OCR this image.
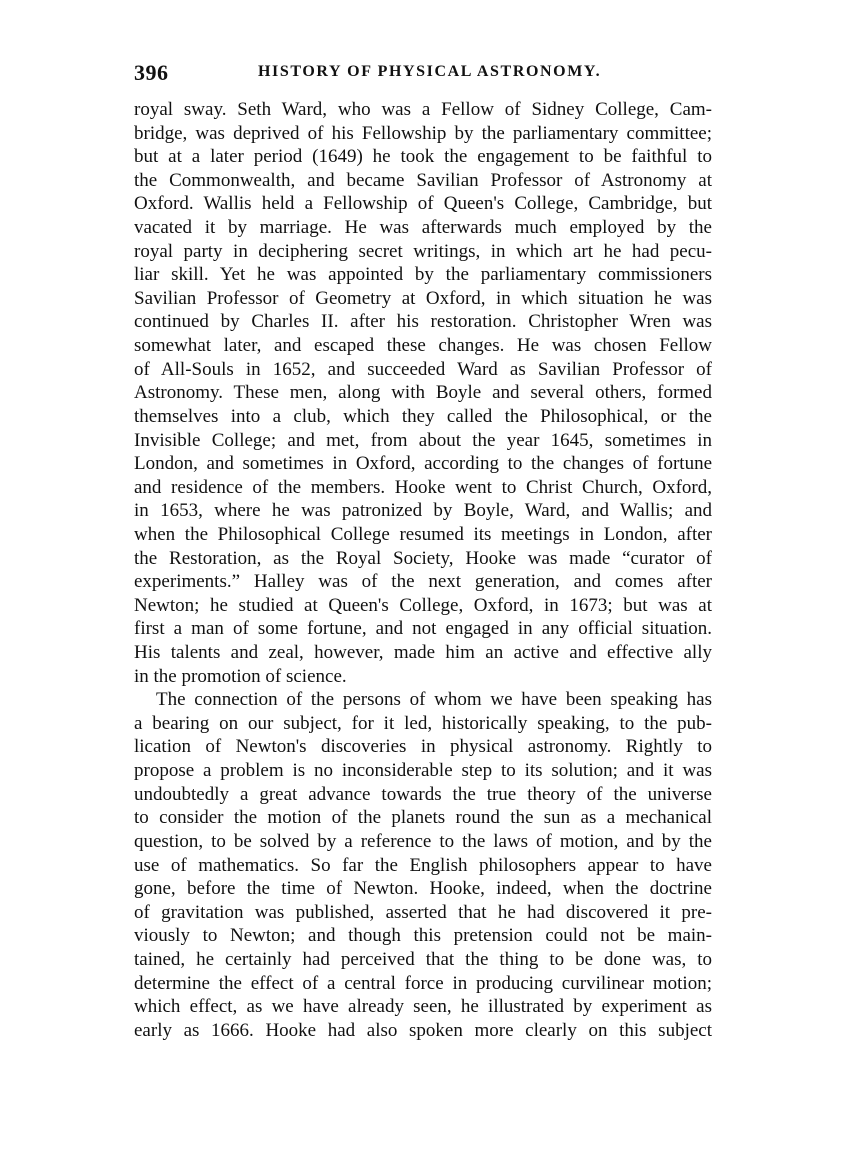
396	HISTORY OF PHYSICAL ASTRONOMY.
royal sway. Seth Ward, who was a Fellow of Sidney College, Cam-
bridge, was deprived of his Fellowship by the parliamentary committee;
but at a later period (1649) he took the engagement to be faithful to
the Commonwealth, and became Savilian Professor of Astronomy at
Oxford. Wallis held a Fellowship of Queen's College, Cambridge, but
vacated it by marriage. He was afterwards much employed by the
royal party in deciphering secret writings, in which art he had pecu-
liar skill. Yet he was appointed by the parliamentary commissioners
Savilian Professor of Geometry at Oxford, in which situation he was
continued by Charles II. after his restoration. Christopher Wren was
somewhat later, and escaped these changes. He was chosen Fellow
of All-Souls in 1652, and succeeded Ward as Savilian Professor of
Astronomy. These men, along with Boyle and several others, formed
themselves into a club, which they called the Philosophical, or the
Invisible College; and met, from about the year 1645, sometimes in
London, and sometimes in Oxford, according to the changes of fortune
and residence of the members. Hooke went to Christ Church, Oxford,
in 1653, where he was patronized by Boyle, Ward, and Wallis; and
when the Philosophical College resumed its meetings in London, after
the Restoration, as the Royal Society, Hooke was made “curator of
experiments.” Halley was of the next generation, and comes after
Newton; he studied at Queen's College, Oxford, in 1673; but was at
first a man of some fortune, and not engaged in any official situation.
His talents and zeal, however, made him an active and effective ally
in the promotion of science.
The connection of the persons of whom we have been speaking has
a bearing on our subject, for it led, historically speaking, to the pub-
lication of Newton's discoveries in physical astronomy. Rightly to
propose a problem is no inconsiderable step to its solution; and it was
undoubtedly a great advance towards the true theory of the universe
to consider the motion of the planets round the sun as a mechanical
question, to be solved by a reference to the laws of motion, and by the
use of mathematics. So far the English philosophers appear to have
gone, before the time of Newton. Hooke, indeed, when the doctrine
of gravitation was published, asserted that he had discovered it pre-
viously to Newton; and though this pretension could not be main-
tained, he certainly had perceived that the thing to be done was, to
determine the effect of a central force in producing curvilinear motion;
which effect, as we have already seen, he illustrated by experiment as
early as 1666. Hooke had also spoken more clearly on this subject
